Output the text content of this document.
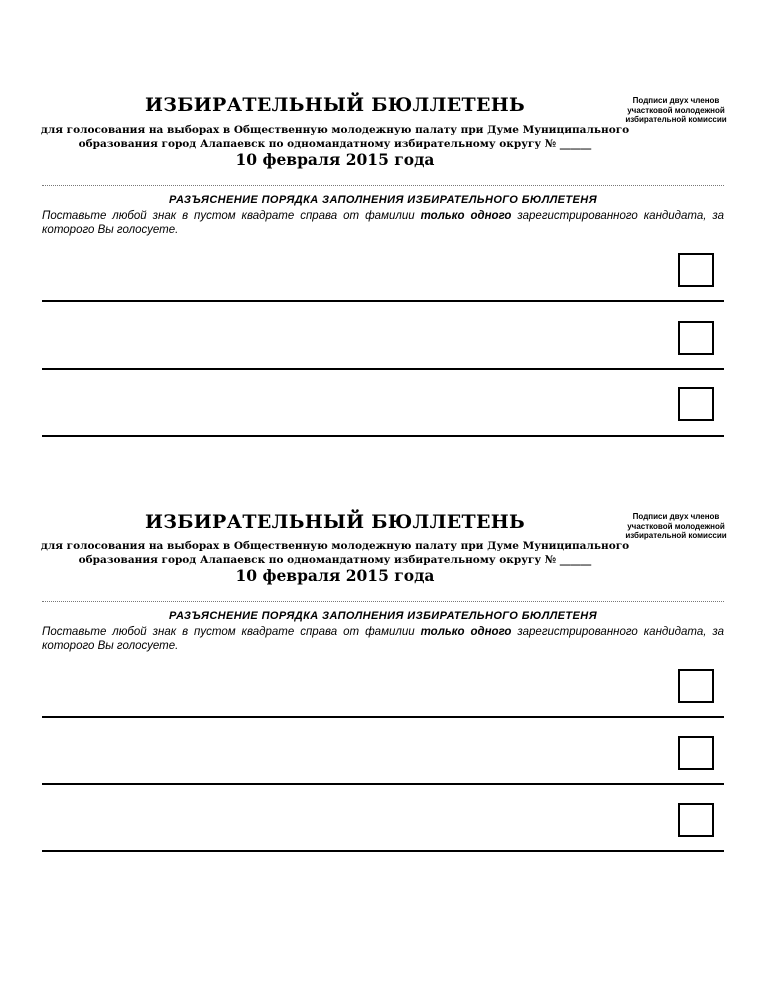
ИЗБИРАТЕЛЬНЫЙ БЮЛЛЕТЕНЬ
для голосования на выборах в Общественную молодежную палату при Думе Муниципального
образования город Алапаевск по одномандатному избирательному округу № ______
10 февраля 2015 года
Подписи двух членов участковой молодежной избирательной комиссии
РАЗЪЯСНЕНИЕ ПОРЯДКА ЗАПОЛНЕНИЯ ИЗБИРАТЕЛЬНОГО БЮЛЛЕТЕНЯ
Поставьте любой знак в пустом квадрате справа от фамилии только одного зарегистрированного кандидата, за которого Вы голосуете.
ИЗБИРАТЕЛЬНЫЙ БЮЛЛЕТЕНЬ
для голосования на выборах в Общественную молодежную палату при Думе Муниципального
образования город Алапаевск по одномандатному избирательному округу № ______
10 февраля 2015 года
Подписи двух членов участковой молодежной избирательной комиссии
РАЗЪЯСНЕНИЕ ПОРЯДКА ЗАПОЛНЕНИЯ ИЗБИРАТЕЛЬНОГО БЮЛЛЕТЕНЯ
Поставьте любой знак в пустом квадрате справа от фамилии только одного зарегистрированного кандидата, за которого Вы голосуете.
